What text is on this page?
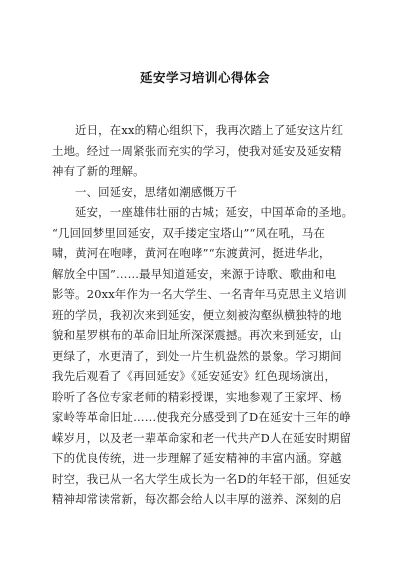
延安学习培训心得体会
近日，在xx的精心组织下，我再次踏上了延安这片红
土地。经过一周紧张而充实的学习，使我对延安及延安精
神有了新的理解。
一、回延安，思绪如潮感慨万千
延安，一座雄伟壮丽的古城；延安，中国革命的圣地。
“几回回梦里回延安，双手搂定宝塔山”“风在吼，马在
啸，黄河在咆哮，黄河在咆哮”“东渡黄河，挺进华北，
解放全中国”……最早知道延安，来源于诗歌、歌曲和电
影等。20xx年作为一名大学生、一名青年马克思主义培训
班的学员，我初次来到延安，便立刻被沟壑纵横独特的地
貌和星罗棋布的革命旧址所深深震撼。再次来到延安，山
更绿了，水更清了，到处一片生机盎然的景象。学习期间
我先后观看了《再回延安》《延安延安》红色现场演出，
聆听了各位专家老师的精彩授课，实地参观了王家坪、杨
家岭等革命旧址……使我充分感受到了D在延安十三年的峥
嵘岁月，以及老一辈革命家和老一代共产D人在延安时期留
下的优良传统，进一步理解了延安精神的丰富内涵。穿越
时空，我已从一名大学生成长为一名D的年轻干部，但延安
精神却常读常新，每次都会给人以丰厚的滋养、深刻的启
